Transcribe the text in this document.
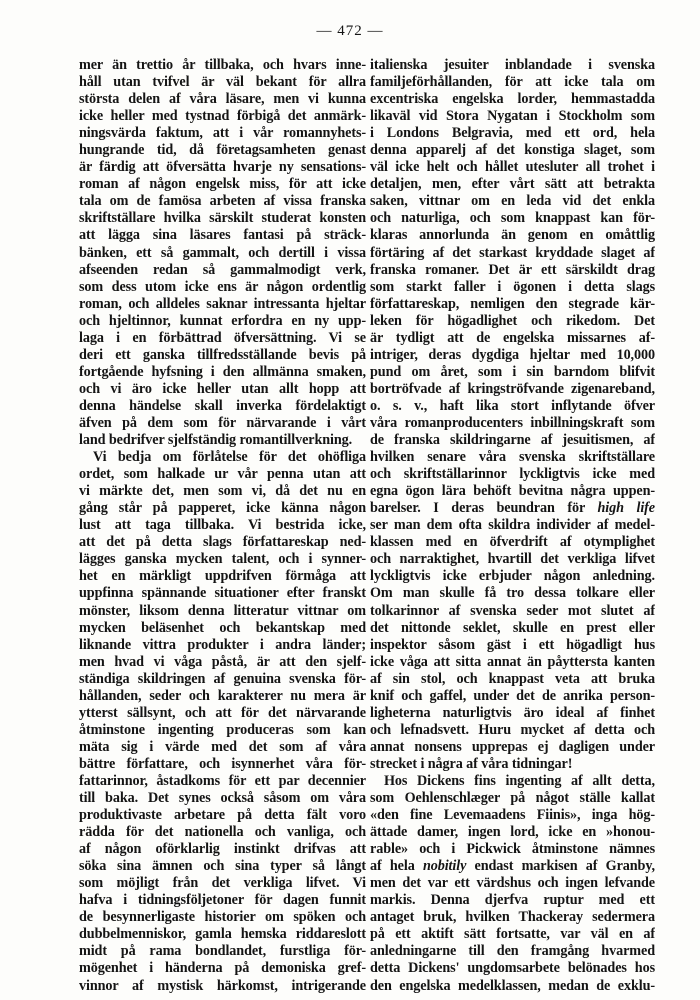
— 472 —
mer än trettio år tillbaka, och hvars inne-
håll utan tvifvel är väl bekant för allra
största delen af våra läsare, men vi kunna
icke heller med tystnad förbigå det anmärk-
ningsvärda faktum, att i vår romannyhets-
hungrande tid, då företagsamheten genast
är färdig att öfversätta hvarje ny sensations-
roman af någon engelsk miss, för att icke
tala om de famösa arbeten af vissa franska
skriftställare hvilka särskilt studerat konsten
att lägga sina läsares fantasi på sträck-
bänken, ett så gammalt, och dertill i vissa
afseenden redan så gammalmodigt verk,
som dess utom icke ens är någon ordentlig
roman, och alldeles saknar intressanta hjeltar
och hjeltinnor, kunnat erfordra en ny upp-
laga i en förbättrad öfversättning. Vi se
deri ett ganska tillfredsställande bevis på
fortgående hyfsning i den allmänna smaken,
och vi äro icke heller utan allt hopp att
denna händelse skall inverka fördelaktigt
äfven på dem som för närvarande i vårt
land bedrifver sjelfständig romantillverkning.
Vi bedja om förlåtelse för det ohöfliga
ordet, som halkade ur vår penna utan att
vi märkte det, men som vi, då det nu en
gång står på papperet, icke känna någon
lust att taga tillbaka. Vi bestrida icke,
att det på detta slags författareskap ned-
lägges ganska mycken talent, och i synner-
het en märkligt uppdrifven förmåga att
uppfinna spännande situationer efter franskt
mönster, liksom denna litteratur vittnar om
mycken beläsenhet och bekantskap med
liknande vittra produkter i andra länder;
men hvad vi våga påstå, är att den sjelf-
ständiga skildringen af genuina svenska för-
hållanden, seder och karakterer nu mera är
ytterst sällsynt, och att för det närvarande
åtminstone ingenting produceras som kan
mäta sig i värde med det som af våra
bättre författare, och isynnerhet våra för-
fattarinnor, åstadkoms för ett par decennier
till baka. Det synes också såsom om våra
produktivaste arbetare på detta fält voro
rädda för det nationella och vanliga, och
af någon oförklarlig instinkt drifvas att
söka sina ämnen och sina typer så långt
som möjligt från det verkliga lifvet. Vi
hafva i tidningsföljetoner för dagen funnit
de besynnerligaste historier om spöken och
dubbelmenniskor, gamla hemska riddareslott
midt på rama bondlandet, furstliga för-
mögenhet i händerna på demoniska gref-
vinnor af mystisk härkomst, intrigerande
italienska jesuiter inblandade i svenska
familjeförhållanden, för att icke tala om
excentriska engelska lorder, hemmastadda
likaväl vid Stora Nygatan i Stockholm som
i Londons Belgravia, med ett ord, hela
denna apparelj af det konstiga slaget, som
väl icke helt och hållet utesluter all trohet i
detaljen, men, efter vårt sätt att betrakta
saken, vittnar om en leda vid det enkla
och naturliga, och som knappast kan för-
klaras annorlunda än genom en omåttlig
förtäring af det starkast kryddade slaget af
franska romaner. Det är ett särskildt drag
som starkt faller i ögonen i detta slags
författareskap, nemligen den stegrade kär-
leken för högadlighet och rikedom. Det
är tydligt att de engelska missarnes af-
intriger, deras dygdiga hjeltar med 10,000
pund om året, som i sin barndom blifvit
bortröfvade af kringströfvande zigenareband,
o. s. v., haft lika stort inflytande öfver
våra romanproducenters inbillningskraft som
de franska skildringarne af jesuitismen, af
hvilken senare våra svenska skriftställare
och skriftställarinnor lyckligtvis icke med
egna ögon lära behöft bevitna några uppen-
barelser. I deras beundran för high life
ser man dem ofta skildra individer af medel-
klassen med en öfverdrift af otymplighet
och narraktighet, hvartill det verkliga lifvet
lyckligtvis icke erbjuder någon anledning.
Om man skulle få tro dessa tolkare eller
tolkarinnor af svenska seder mot slutet af
det nittonde seklet, skulle en prest eller
inspektor såsom gäst i ett högadligt hus
icke våga att sitta annat än påyttersta kanten
af sin stol, och knappast veta att bruka
knif och gaffel, under det de anrika person-
ligheterna naturligtvis äro ideal af finhet
och lefnadsvett. Huru mycket af detta och
annat nonsens upprepas ej dagligen under
strecket i några af våra tidningar!
Hos Dickens fins ingenting af allt detta,
som Oehlenschlæger på något ställe kallat
«den fine Levemaadens Fiinis», inga hög-
ättade damer, ingen lord, icke en »honou-
rable» och i Pickwick åtminstone nämnes
af hela nobitily endast markisen af Granby,
men det var ett värdshus och ingen lefvande
markis. Denna djerfva ruptur med ett
antaget bruk, hvilken Thackeray sedermera
på ett aktift sätt fortsatte, var väl en af
anledningarne till den framgång hvarmed
detta Dickens' ungdomsarbete belönades hos
den engelska medelklassen, medan de exklu-
